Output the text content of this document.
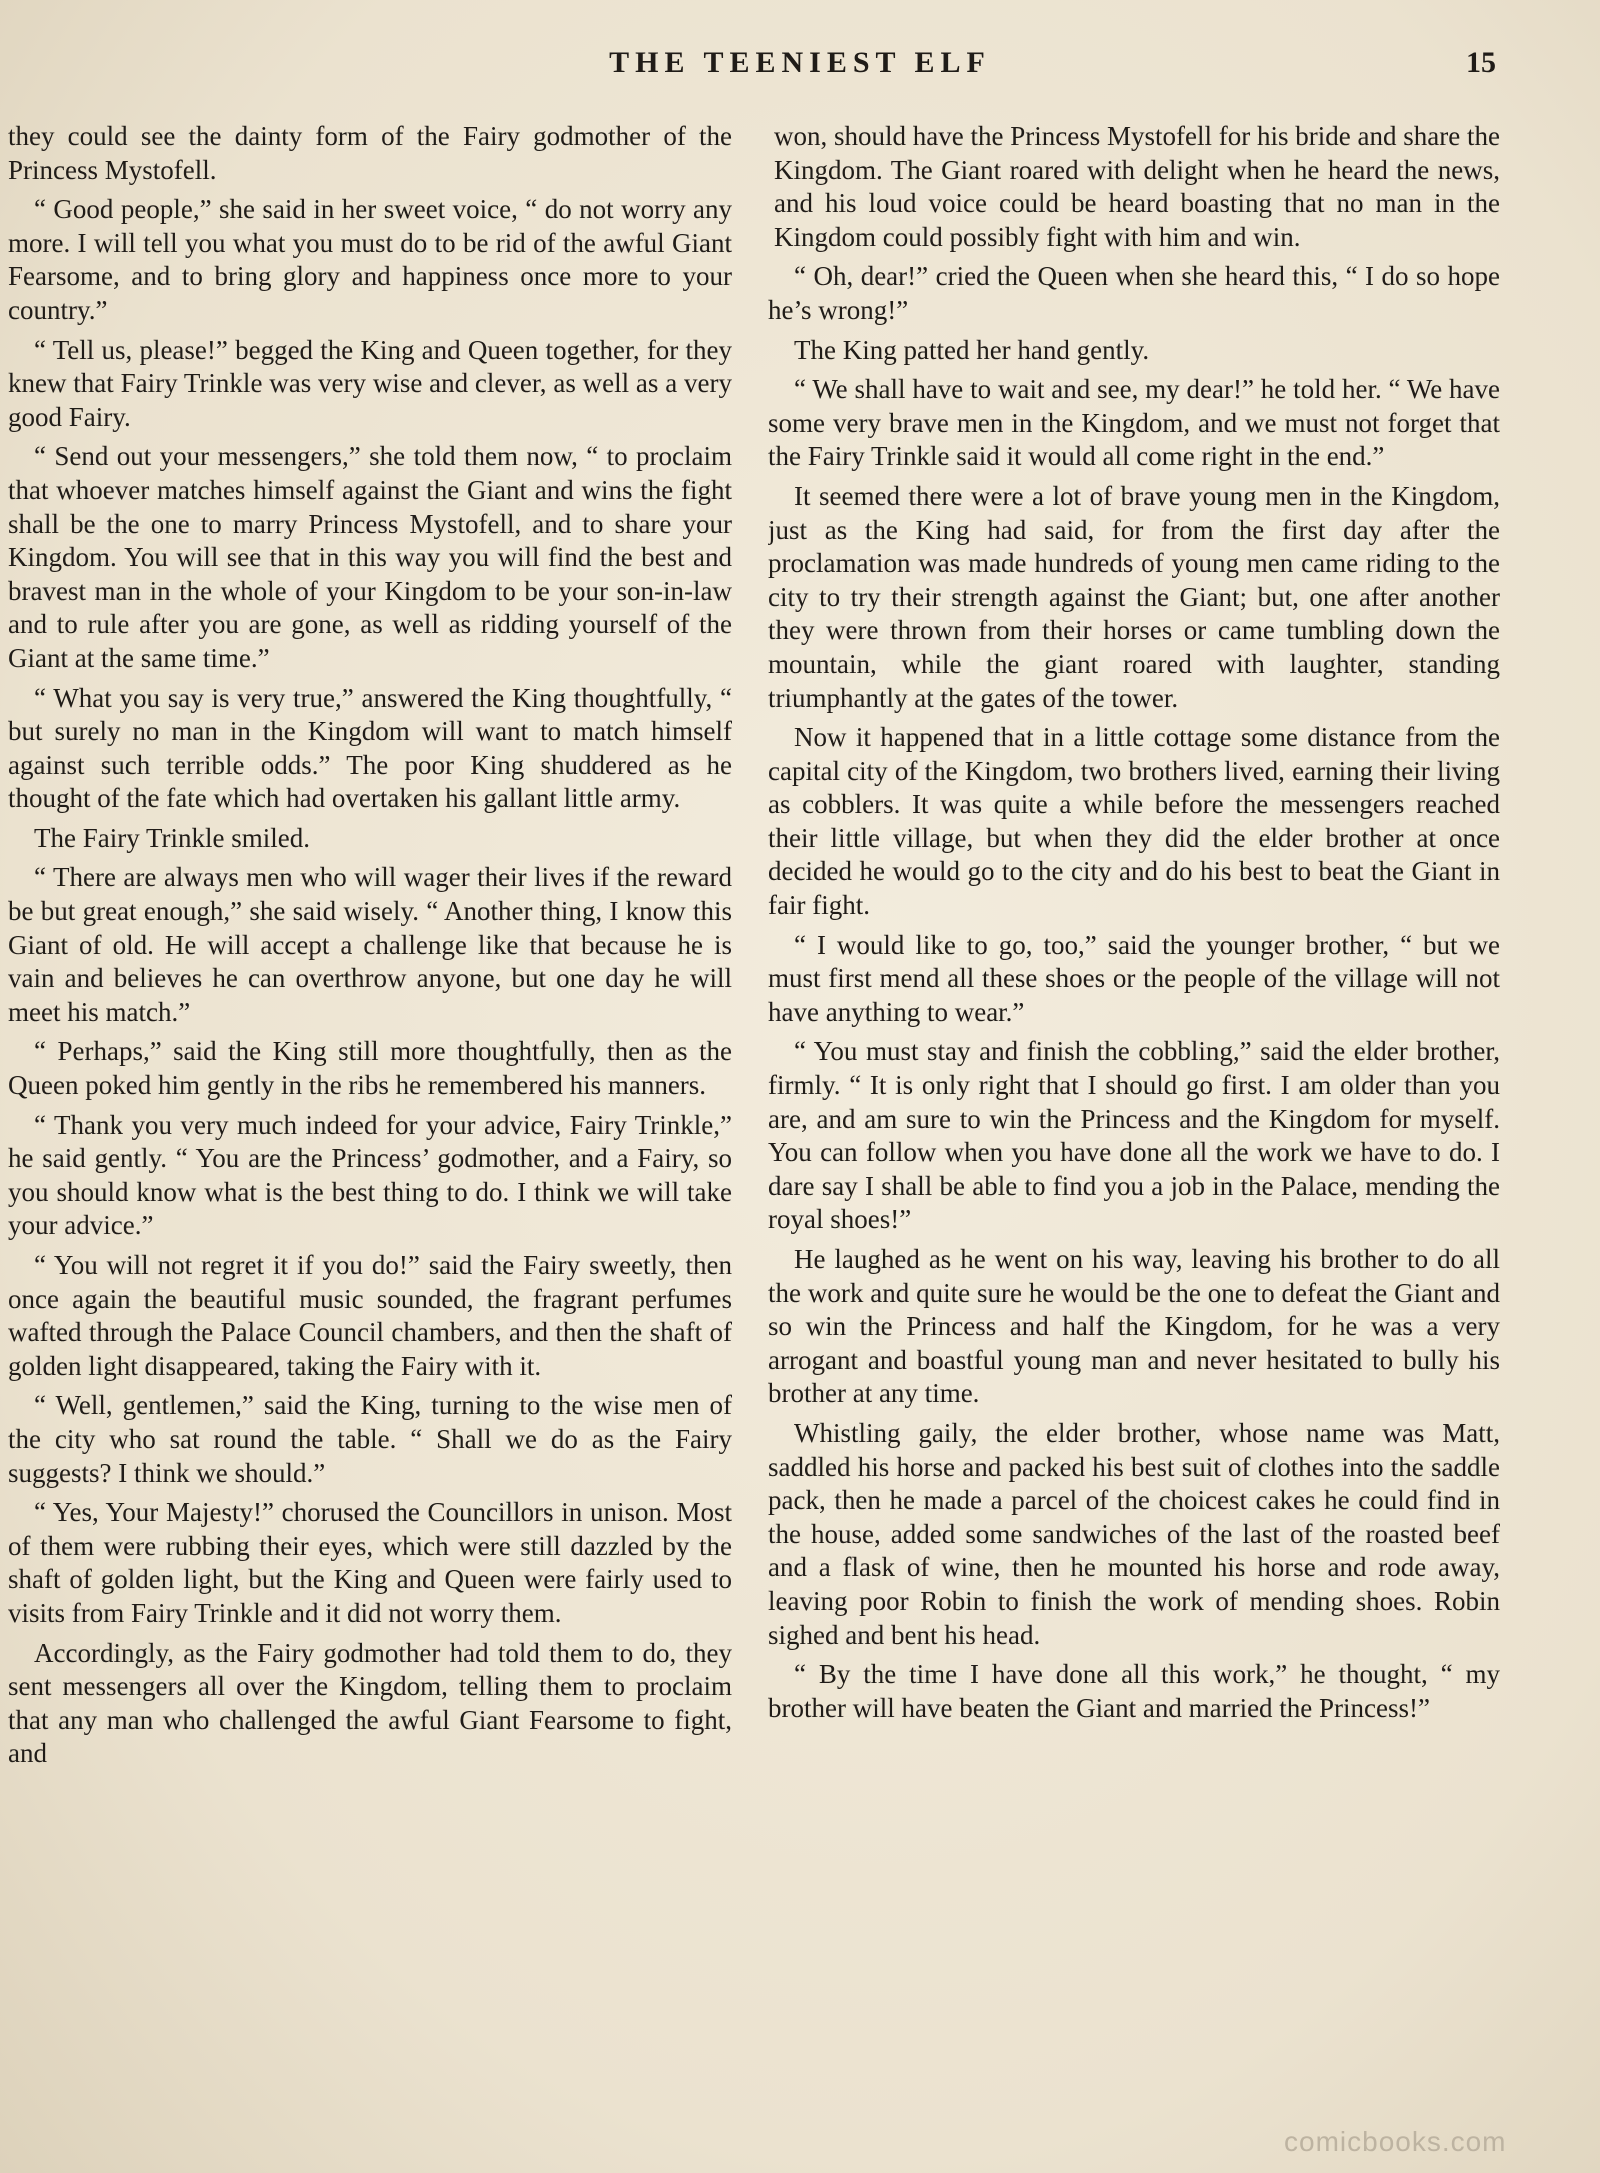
THE TEENIEST ELF	15

they could see the dainty form of the Fairy godmother of the Princess Mystofell.

“ Good people,” she said in her sweet voice, “ do not worry any more. I will tell you what you must do to be rid of the awful Giant Fearsome, and to bring glory and happiness once more to your country.”

“ Tell us, please!” begged the King and Queen together, for they knew that Fairy Trinkle was very wise and clever, as well as a very good Fairy.

“ Send out your messengers,” she told them now, “ to proclaim that whoever matches himself against the Giant and wins the fight shall be the one to marry Princess Mystofell, and to share your Kingdom. You will see that in this way you will find the best and bravest man in the whole of your Kingdom to be your son-in-law and to rule after you are gone, as well as ridding yourself of the Giant at the same time.”

“ What you say is very true,” answered the King thoughtfully, “ but surely no man in the Kingdom will want to match himself against such terrible odds.” The poor King shuddered as he thought of the fate which had overtaken his gallant little army.

The Fairy Trinkle smiled.

“ There are always men who will wager their lives if the reward be but great enough,” she said wisely. “ Another thing, I know this Giant of old. He will accept a challenge like that because he is vain and believes he can overthrow anyone, but one day he will meet his match.”

“ Perhaps,” said the King still more thoughtfully, then as the Queen poked him gently in the ribs he remembered his manners.

“ Thank you very much indeed for your advice, Fairy Trinkle,” he said gently. “ You are the Princess’ godmother, and a Fairy, so you should know what is the best thing to do. I think we will take your advice.”

“ You will not regret it if you do!” said the Fairy sweetly, then once again the beautiful music sounded, the fragrant perfumes wafted through the Palace Council chambers, and then the shaft of golden light disappeared, taking the Fairy with it.

“ Well, gentlemen,” said the King, turning to the wise men of the city who sat round the table. “ Shall we do as the Fairy suggests? I think we should.”

“ Yes, Your Majesty!” chorused the Councillors in unison. Most of them were rubbing their eyes, which were still dazzled by the shaft of golden light, but the King and Queen were fairly used to visits from Fairy Trinkle and it did not worry them.

Accordingly, as the Fairy godmother had told them to do, they sent messengers all over the Kingdom, telling them to proclaim that any man who challenged the awful Giant Fearsome to fight, and

won, should have the Princess Mystofell for his bride and share the Kingdom. The Giant roared with delight when he heard the news, and his loud voice could be heard boasting that no man in the Kingdom could possibly fight with him and win.

“ Oh, dear!” cried the Queen when she heard this, “ I do so hope he’s wrong!”

The King patted her hand gently.

“ We shall have to wait and see, my dear!” he told her. “ We have some very brave men in the Kingdom, and we must not forget that the Fairy Trinkle said it would all come right in the end.”

It seemed there were a lot of brave young men in the Kingdom, just as the King had said, for from the first day after the proclamation was made hundreds of young men came riding to the city to try their strength against the Giant; but, one after another they were thrown from their horses or came tumbling down the mountain, while the giant roared with laughter, standing triumphantly at the gates of the tower.

Now it happened that in a little cottage some distance from the capital city of the Kingdom, two brothers lived, earning their living as cobblers. It was quite a while before the messengers reached their little village, but when they did the elder brother at once decided he would go to the city and do his best to beat the Giant in fair fight.

“ I would like to go, too,” said the younger brother, “ but we must first mend all these shoes or the people of the village will not have anything to wear.”

“ You must stay and finish the cobbling,” said the elder brother, firmly. “ It is only right that I should go first. I am older than you are, and am sure to win the Princess and the Kingdom for myself. You can follow when you have done all the work we have to do. I dare say I shall be able to find you a job in the Palace, mending the royal shoes!”

He laughed as he went on his way, leaving his brother to do all the work and quite sure he would be the one to defeat the Giant and so win the Princess and half the Kingdom, for he was a very arrogant and boastful young man and never hesitated to bully his brother at any time.

Whistling gaily, the elder brother, whose name was Matt, saddled his horse and packed his best suit of clothes into the saddle pack, then he made a parcel of the choicest cakes he could find in the house, added some sandwiches of the last of the roasted beef and a flask of wine, then he mounted his horse and rode away, leaving poor Robin to finish the work of mending shoes. Robin sighed and bent his head.

“ By the time I have done all this work,” he thought, “ my brother will have beaten the Giant and married the Princess!”

comicbooks.com
